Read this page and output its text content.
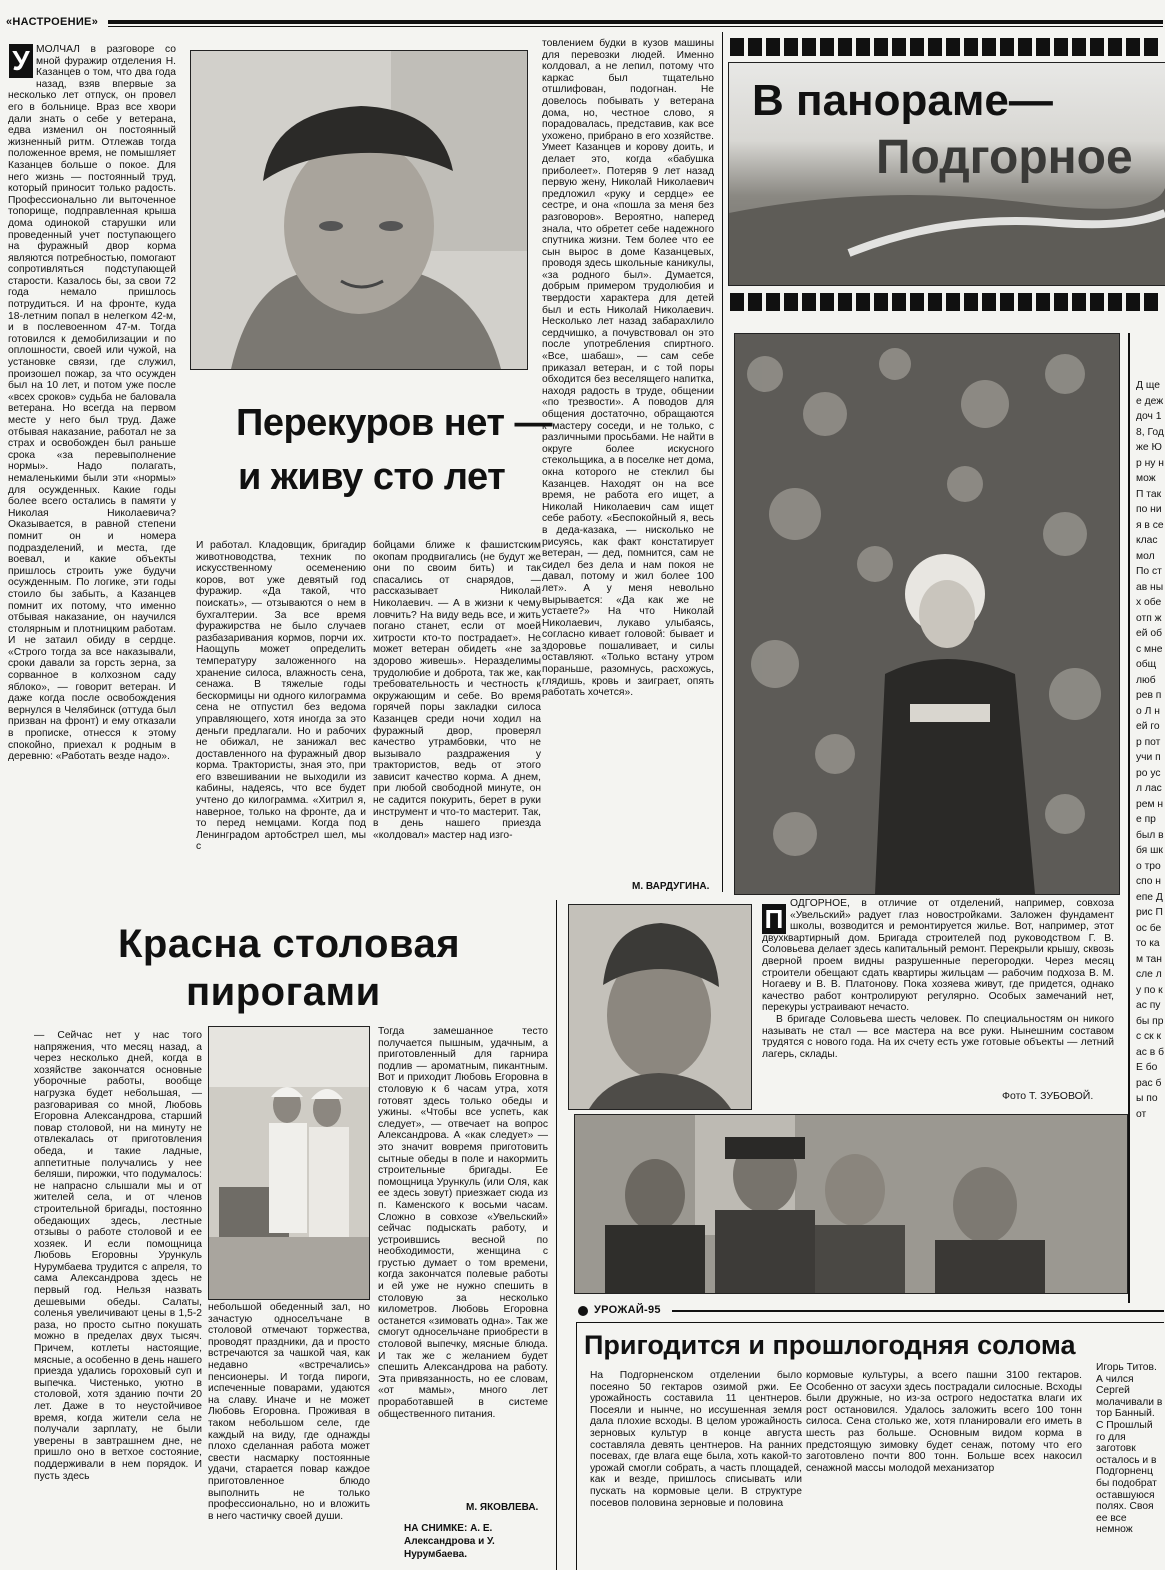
«НАСТРОЕНИЕ»
У МОЛЧАЛ в разговоре со мной фуражир отделения Н. Казанцев о том, что два года назад, взяв впервые за несколько лет отпуск, он провел его в больнице. Враз все хвори дали знать о себе у ветерана, едва изменил он постоянный жизненный ритм. Отлежав тогда положенное время, не помышляет Казанцев больше о покое. Для него жизнь — постоянный труд, который приносит только радость. Профессионально ли выточенное топорище, подправленная крыша дома одинокой старушки или проведенный учет поступающего на фуражный двор корма являются потребностью, помогают сопротивляться подступающей старости. Казалось бы, за свои 72 года немало пришлось потрудиться. И на фронте, куда 18-летним попал в нелегком 42-м, и в послевоенном 47-м. Тогда готовился к демобилизации и по оплошности, своей или чужой, на установке связи, где служил, произошел пожар, за что осужден был на 10 лет, и потом уже после «всех сроков» судьба не баловала ветерана. Но всегда на первом месте у него был труд. Даже отбывая наказание, работал не за страх и освобожден был раньше срока «за перевыполнение нормы». Надо полагать, немаленькими были эти «нормы» для осужденных. Какие годы более всего остались в памяти у Николая Николаевича? Оказывается, в равной степени помнит он и номера подразделений, и места, где воевал, и какие объекты пришлось строить уже будучи осужденным. По логике, эти годы стоило бы забыть, а Казанцев помнит их потому, что именно отбывая наказание, он научился столярным и плотницким работам. И не затаил обиду в сердце. «Строго тогда за все наказывали, сроки давали за горсть зерна, за сорванное в колхозном саду яблоко», — говорит ветеран. И даже когда после освобождения вернулся в Челябинск (оттуда был призван на фронт) и ему отказали в прописке, отнесся к этому спокойно, приехал к родным в деревню: «Работать везде надо».
Перекуров нет —
и живу сто лет
И работал. Кладовщик, бригадир животноводства, техник по искусственному осеменению коров, вот уже девятый год фуражир. «Да такой, что поискать», — отзываются о нем в бухгалтерии. За все время фуражирства не было случаев разбазаривания кормов, порчи их. Наощупь может определить температуру заложенного на хранение силоса, влажность сена, сенажа. В тяжелые годы бескормицы ни одного килограмма сена не отпустил без ведома управляющего, хотя иногда за это деньги предлагали. Но и рабочих не обижал, не занижал вес доставленного на фуражный двор корма. Трактористы, зная это, при его взвешивании не выходили из кабины, надеясь, что все будет учтено до килограмма. «Хитрил я, наверное, только на фронте, да и то перед немцами. Когда под Ленинградом артобстрел шел, мы с
бойцами ближе к фашистским окопам продвигались (не будут же они по своим бить) и так спасались от снарядов, — рассказывает Николай Николаевич. — А в жизни к чему ловчить? На виду ведь все, и жить погано станет, если от моей хитрости кто-то пострадает». Не может ветеран обидеть «не за здорово живешь». Неразделимы трудолюбие и доброта, так же, как требовательность и честность к окружающим и себе. Во время горячей поры закладки силоса Казанцев среди ночи ходил на фуражный двор, проверял качество утрамбовки, что не вызывало раздражения у трактористов, ведь от этого зависит качество корма. А днем, при любой свободной минуте, он не садится покурить, берет в руки инструмент и что-то мастерит. Так, в день нашего приезда «колдовал» мастер над изго-
товлением будки в кузов машины для перевозки людей. Именно колдовал, а не лепил, потому что каркас был тщательно отшлифован, подогнан. Не довелось побывать у ветерана дома, но, честное слово, я порадовалась, представив, как все ухожено, прибрано в его хозяйстве. Умеет Казанцев и корову доить, и делает это, когда «бабушка приболеет». Потеряв 9 лет назад первую жену, Николай Николаевич предложил «руку и сердце» ее сестре, и она «пошла за меня без разговоров». Вероятно, наперед знала, что обретет себе надежного спутника жизни. Тем более что ее сын вырос в доме Казанцевых, проводя здесь школьные каникулы, «за родного был». Думается, добрым примером трудолюбия и твердости характера для детей был и есть Николай Николаевич. Несколько лет назад забарахлило сердчишко, а почувствовал он это после употребления спиртного. «Все, шабаш», — сам себе приказал ветеран, и с той поры обходится без веселящего напитка, находя радость в труде, общении «по трезвости». А поводов для общения достаточно, обращаются к мастеру соседи, и не только, с различными просьбами. Не найти в округе более искусного стекольщика, а в поселке нет дома, окна которого не стеклил бы Казанцев. Находят он на все время, не работа его ищет, а Николай Николаевич сам ищет себе работу. «Беспокойный я, весь в деда-казака, — нисколько не рисуясь, как факт констатирует ветеран, — дед, помнится, сам не сидел без дела и нам покоя не давал, потому и жил более 100 лет». А у меня невольно вырывается: «Да как же не устаете?» На что Николай Николаевич, лукаво улыбаясь, согласно кивает головой: бывает и здоровье пошаливает, и силы оставляют. «Только встану утром пораньше, разомнусь, расхожусь, глядишь, кровь и заиграет, опять работать хочется».
М. ВАРДУГИНА.
В панораме—
Подгорное
Д щее деж доч 18, Год же Юр ну н мож П так по ния в се клас мол По став ных обе отп жей обс мне общ люб рев по Л ней гор пот учи про усл лас рем не пр был в бя шко тро спо непе Д рис Пос бе то кам тан сле лу по кас пу бы прс ск кас в б Е бо рас бы по от
П
ОДГОРНОЕ, в отличие от отделений, например, совхоза «Увельский» радует глаз новостройками. Заложен фундамент школы, возводится и ремонтируется жилье. Вот, например, этот двухквартирный дом. Бригада строителей под руководством Г. В. Соловьева делает здесь капитальный ремонт. Перекрыли крышу, сквозь дверной проем видны разрушенные перегородки. Через месяц строители обещают сдать квартиры жильцам — рабочим подхоза В. М. Ногаеву и В. В. Платонову. Пока хозяева живут, где придется, однако качество работ контролируют регулярно. Особых замечаний нет, перекуры устраивают нечасто.

В бригаде Соловьева шесть человек. По специальностям он никого называть не стал — все мастера на все руки. Нынешним составом трудятся с нового года. На их счету есть уже готовые объекты — летний лагерь, склады.

Фото Т. ЗУБОВОЙ.
Красна столовая
пирогами
— Сейчас нет у нас того напряжения, что месяц назад, а через несколько дней, когда в хозяйстве закончатся основные уборочные работы, вообще нагрузка будет небольшая, — разговаривая со мной, Любовь Егоровна Александрова, старший повар столовой, ни на минуту не отвлекалась от приготовления обеда, и такие ладные, аппетитные получались у нее беляши, пирожки, что подумалось: не напрасно слышали мы и от жителей села, и от членов строительной бригады, постоянно обедающих здесь, лестные отзывы о работе столовой и ее хозяек. И если помощница Любовь Егоровны Урункуль Нурумбаева трудится с апреля, то сама Александрова здесь не первый год. Нельзя назвать дешевыми обеды. Салаты, соленья увеличивают цены в 1,5-2 раза, но просто сытно покушать можно в пределах двух тысяч. Причем, котлеты настоящие, мясные, а особенно в день нашего приезда удались гороховый суп и выпечка. Чистенько, уютно в столовой, хотя зданию почти 20 лет. Даже в то неустойчивое время, когда жители села не получали зарплату, не были уверены в завтрашнем дне, не пришло оно в ветхое состояние, поддерживали в нем порядок. И пусть здесь
небольшой обеденный зал, но зачастую односелъчане в столовой отмечают торжества, проводят праздники, да и просто встречаются за чашкой чая, как недавно «встречались» пенсионеры. И тогда пироги, испеченные поварами, удаются на славу. Иначе и не может Любовь Егоровна. Проживая в таком небольшом селе, где каждый на виду, где однажды плохо сделанная работа может свести насмарку постоянные удачи, старается повар каждое приготовленное блюдо выполнить не только профессионально, но и вложить в него частичку своей души.
Тогда замешанное тесто получается пышным, удачным, а приготовленный для гарнира подлив — ароматным, пикантным. Вот и приходит Любовь Егоровна в столовую к 6 часам утра, хотя готовят здесь только обеды и ужины. «Чтобы все успеть, как следует», — отвечает на вопрос Александрова. А «как следует» — это значит вовремя приготовить сытные обеды в поле и накормить строительные бригады. Ее помощница Урункуль (или Оля, как ее здесь зовут) приезжает сюда из п. Каменского к восьми часам. Сложно в совхозе «Увельский» сейчас подыскать работу, и устроившись весной по необходимости, женщина с грустью думает о том времени, когда закончатся полевые работы и ей уже не нужно спешить в столовую за несколько километров. Любовь Егоровна останется «зимовать одна». Так же смогут односельчане приобрести в столовой выпечку, мясные блюда. И так же с желанием будет спешить Александрова на работу. Эта привязанность, но ее словам, «от мамы», много лет проработавшей в системе общественного питания.
М. ЯКОВЛЕВА.
НА СНИМКЕ: А. Е. Александрова и У. Нурумбаева.
УРОЖАЙ-95
Пригодится и прошлогодняя солома
На Подгорненском отделении было посеяно 50 гектаров озимой ржи. Ее урожайность составила 11 центнеров. Посеяли и нынче, но иссушенная земля дала плохие всходы. В целом урожайность зерновых культур в конце августа составляла девять центнеров. На ранних посевах, где влага еще была, хоть какой-то урожай смогли собрать, а часть площадей, как и везде, пришлось списывать или пускать на кормовые цели. В структуре посевов половина зерновые и половина
кормовые культуры, а всего пашни 3100 гектаров. Особенно от засухи здесь пострадали силосные. Всходы были дружные, но из-за острого недостатка влаги их рост остановился. Удалось заложить всего 100 тонн силоса. Сена столько же, хотя планировали его иметь в шесть раз больше. Основным видом корма в предстоящую зимовку будет сенаж, потому что его заготовлено почти 800 тонн. Больше всех накосил сенажной массы молодой механизатор
Игорь Титов. А чился Сергей молачивали в тор Банный. С Прошлый го для заготовк осталось и в Подгорненц бы подобрат оставшуюся полях. Своя ее все немнож
